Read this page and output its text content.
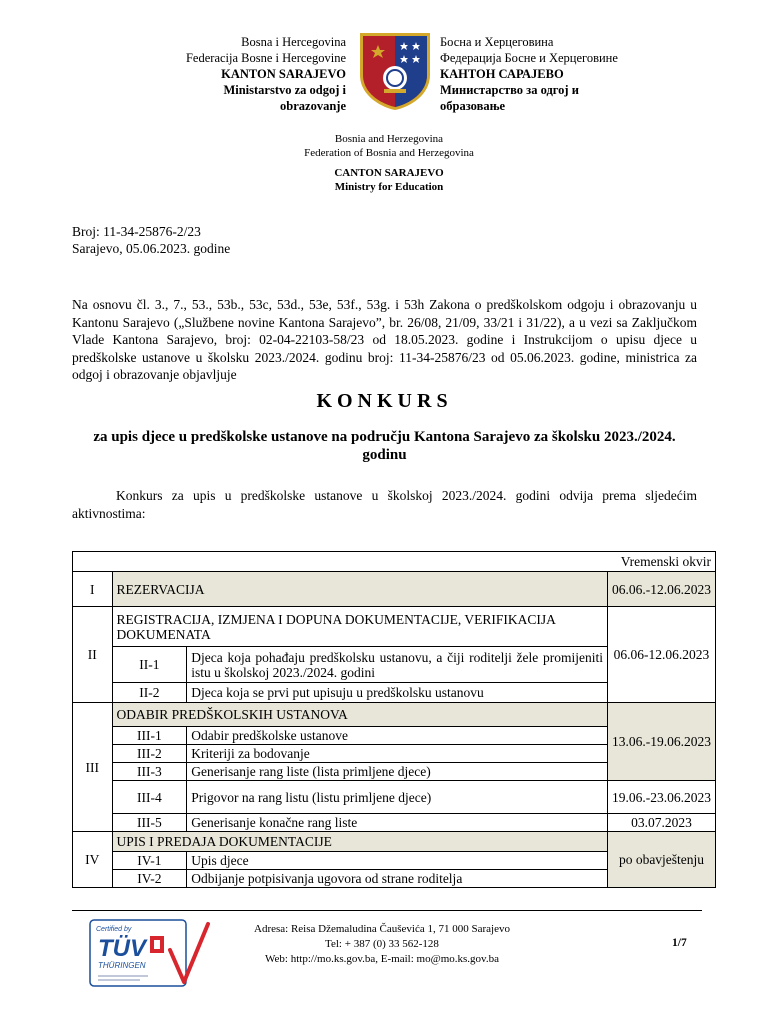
Bosna i Hercegovina
Federacija Bosne i Hercegovine
KANTON SARAJEVO
Ministarstvo za odgoj i
obrazovanje
Босна и Херцеговина
Федерација Босне и Херцеговине
КАНТОН САРАЈЕВО
Министарство за одгој и
образовање
Bosnia and Herzegovina
Federation of Bosnia and Herzegovina
CANTON SARAJEVO
Ministry for Education
Broj: 11-34-25876-2/23
Sarajevo, 05.06.2023. godine
Na osnovu čl. 3., 7., 53., 53b., 53c, 53d., 53e, 53f., 53g. i 53h Zakona o predškolskom odgoju i obrazovanju u Kantonu Sarajevo („Službene novine Kantona Sarajevo”, br. 26/08, 21/09, 33/21 i 31/22), a u vezi sa Zaključkom Vlade Kantona Sarajevo, broj: 02-04-22103-58/23 od 18.05.2023. godine i Instrukcijom o upisu djece u predškolske ustanove u školsku 2023./2024. godinu broj: 11-34-25876/23 od 05.06.2023. godine, ministrica za odgoj i obrazovanje objavljuje
KONKURS
za upis djece u predškolske ustanove na području Kantona Sarajevo za školsku 2023./2024. godinu
Konkurs za upis u predškolske ustanove u školskoj 2023./2024. godini odvija prema sljedećim aktivnostima:
Vremenski okvir			
I	REZERVACIJA		06.06.-12.06.2023
II	REGISTRACIJA, IZMJENA I DOPUNA DOKUMENTACIJE, VERIFIKACIJA DOKUMENATA		06.06-12.06.2023
	II-1	Djeca koja pohađaju predškolsku ustanovu, a čiji roditelji žele promijeniti istu u školskoj 2023./2024. godini	
	II-2	Djeca koja se prvi put upisuju u predškolsku ustanovu	
III	ODABIR PREDŠKOLSKIH USTANOVA		13.06.-19.06.2023
	III-1	Odabir predškolske ustanove	
	III-2	Kriteriji za bodovanje	
	III-3	Generisanje rang liste (lista primljene djece)	
	III-4	Prigovor na rang listu (listu primljene djece)	19.06.-23.06.2023
	III-5	Generisanje konačne rang liste	03.07.2023
IV	UPIS I PREDAJA DOKUMENTACIJE		po obavještenju
	IV-1	Upis djece	
	IV-2	Odbijanje potpisivanja ugovora od strane roditelja	
Certified by
TÜV
THÜRINGEN
Adresa: Reisa Džemaludina Čauševića 1, 71 000 Sarajevo
Tel: + 387 (0) 33 562-128
Web: http://mo.ks.gov.ba, E-mail: mo@mo.ks.gov.ba
1/7
